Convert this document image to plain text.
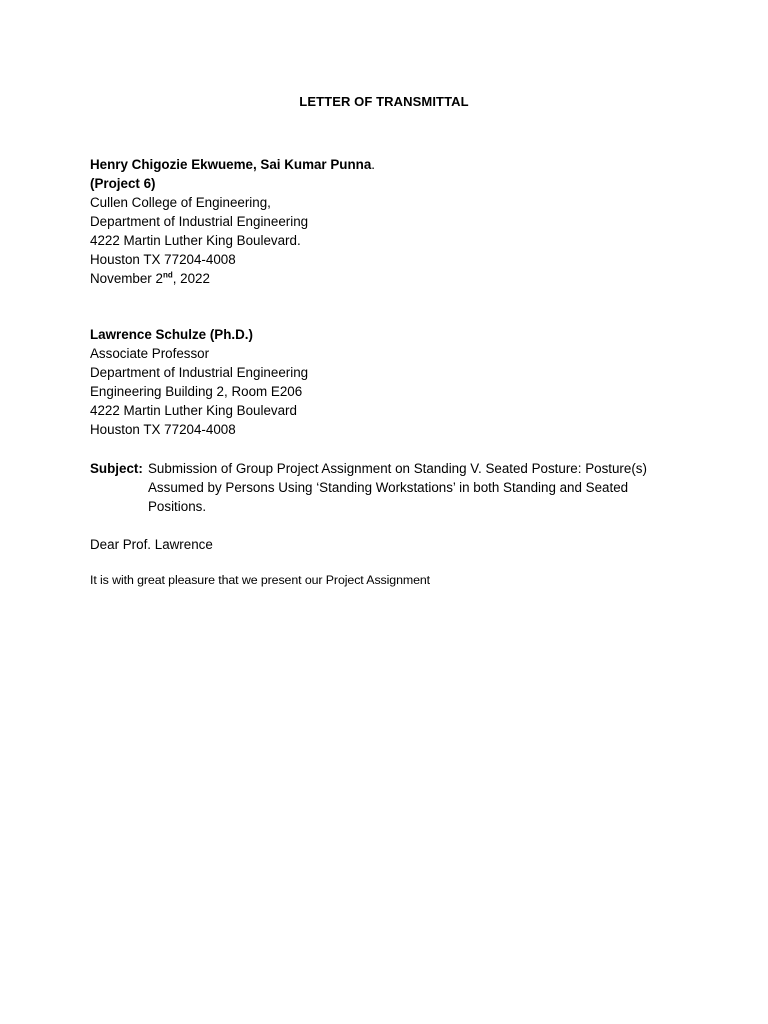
LETTER OF TRANSMITTAL
Henry Chigozie Ekwueme, Sai Kumar Punna.
(Project 6)
Cullen College of Engineering,
Department of Industrial Engineering
4222 Martin Luther King Boulevard.
Houston TX 77204-4008
November 2nd, 2022
Lawrence Schulze (Ph.D.)
Associate Professor
Department of Industrial Engineering
Engineering Building 2, Room E206
4222 Martin Luther King Boulevard
Houston TX 77204-4008
Subject: Submission of Group Project Assignment on Standing V. Seated Posture: Posture(s)
Assumed by Persons Using ‘Standing Workstations’ in both Standing and Seated
Positions.
Dear Prof. Lawrence
It is with great pleasure that we present our Project Assignment
